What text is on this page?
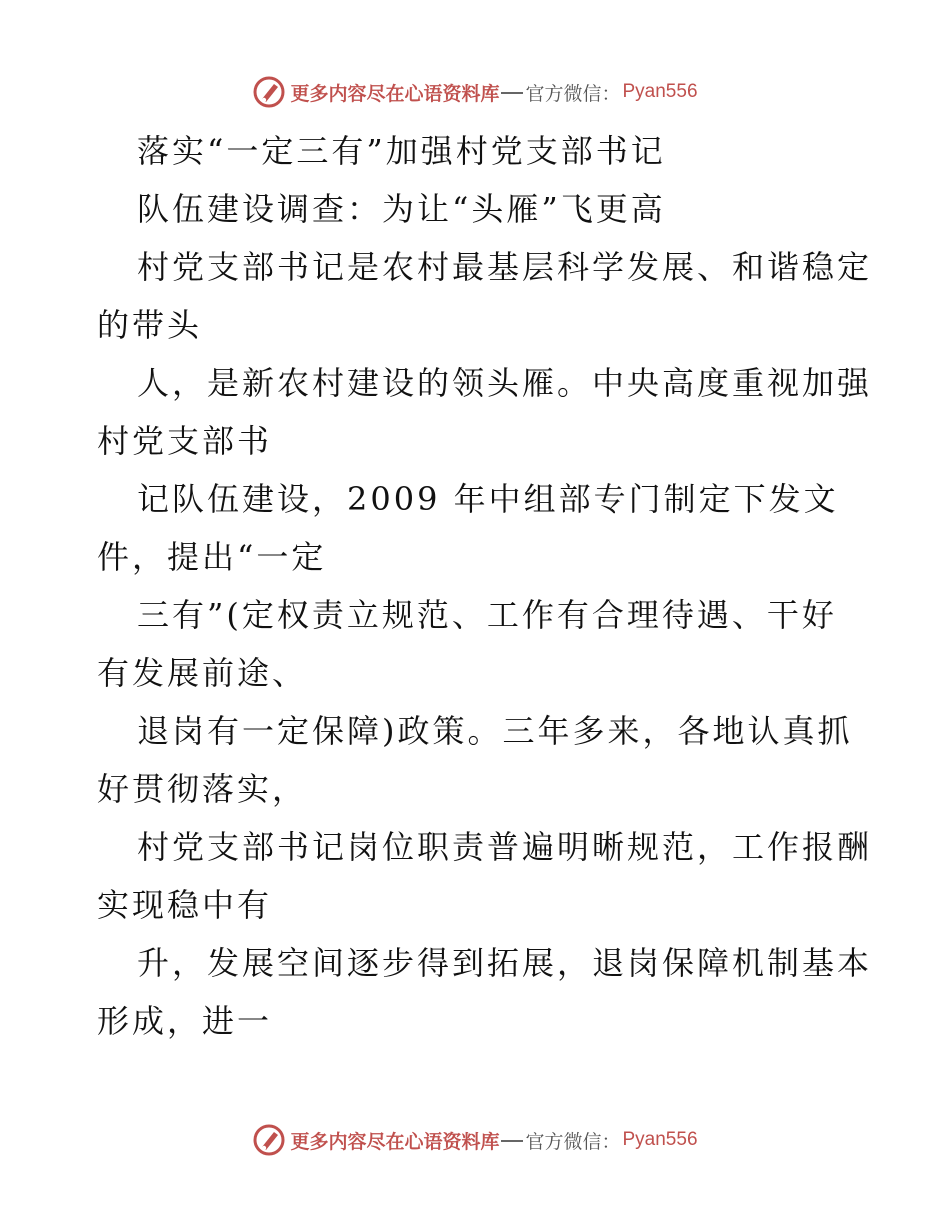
更多内容尽在心语资料库 官方微信： Pyan556
落实“一定三有”加强村党支部书记
队伍建设调查：为让“头雁”飞更高
村党支部书记是农村最基层科学发展、和谐稳定
的带头
人，是新农村建设的领头雁。中央高度重视加强
村党支部书
记队伍建设，2009 年中组部专门制定下发文
件，提出“一定
三有”(定权责立规范、工作有合理待遇、干好
有发展前途、
退岗有一定保障)政策。三年多来，各地认真抓
好贯彻落实，
村党支部书记岗位职责普遍明晰规范，工作报酬
实现稳中有
升，发展空间逐步得到拓展，退岗保障机制基本
形成，进一
更多内容尽在心语资料库 官方微信： Pyan556
